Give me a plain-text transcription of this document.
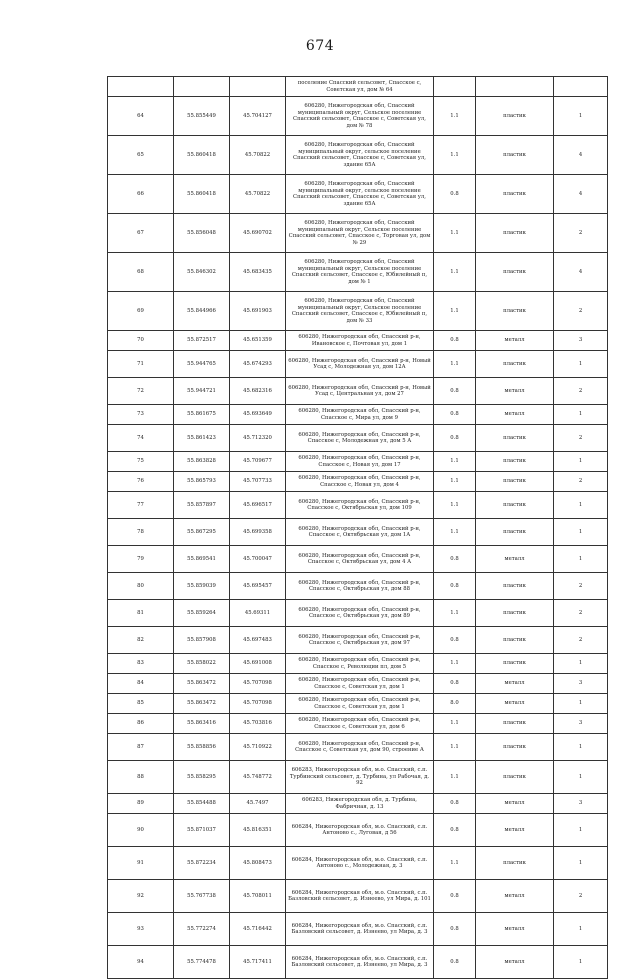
674
			поселение Спасский сельсовет, Спасское с, Советская ул, дом № 64			
64	55.855449	45.704127	606280, Нижегородская обл, Спасский муниципальный округ, Сельское поселение Спасский сельсовет, Спасское с, Советская ул, дом № 78	1.1	пластик	1
65	55.860418	45.70822	606280, Нижегородская обл, Спасский муниципальный округ, сельское поселение Спасский сельсовет, Спасское с, Советская ул, здание 65А	1.1	пластик	4
66	55.860418	45.70822	606280, Нижегородская обл, Спасский муниципальный округ, сельское поселение Спасский сельсовет, Спасское с, Советская ул, здание 65А	0.8	пластик	4
67	55.856048	45.690702	606280, Нижегородская обл, Спасский муниципальный округ, Сельское поселение Спасский сельсовет, Спасское с, Торговая ул, дом № 29	1.1	пластик	2
68	55.846302	45.683435	606280, Нижегородская обл, Спасский муниципальный округ, Сельское поселение Спасский сельсовет, Спасское с, Юбилейный п, дом № 1	1.1	пластик	4
69	55.844966	45.691903	606280, Нижегородская обл, Спасский муниципальный округ, Сельское поселение Спасский сельсовет, Спасское с, Юбилейный п, дом № 33	1.1	пластик	2
70	55.872517	45.651359	606280, Нижегородская обл, Спасский р-н, Ивановское с, Почтовая ул, дом 1	0.8	металл	3
71	55.944765	45.674293	606280, Нижегородская обл, Спасский р-н, Новый Усад с, Молодежная ул, дом 12А	1.1	пластик	1
72	55.944721	45.682316	606280, Нижегородская обл, Спасский р-н, Новый Усад с, Центральная ул, дом 27	0.8	металл	2
73	55.861675	45.693649	606280, Нижегородская обл, Спасский р-н, Спасское с, Мира ул, дом 9	0.8	металл	1
74	55.861423	45.712320	606280, Нижегородская обл, Спасский р-н, Спасское с, Молодежная ул, дом 5 А	0.8	пластик	2
75	55.863828	45.709677	606280, Нижегородская обл, Спасский р-н, Спасское с, Новая ул, дом 17	1.1	пластик	1
76	55.865793	45.707733	606280, Нижегородская обл, Спасский р-н, Спасское с, Новая ул, дом 4	1.1	пластик	2
77	55.857897	45.696517	606280, Нижегородская обл, Спасский р-н, Спасское с, Октябрьская ул, дом 109	1.1	пластик	1
78	55.867295	45.699358	606280, Нижегородская обл, Спасский р-н, Спасское с, Октябрьская ул, дом 1А	1.1	пластик	1
79	55.869541	45.700047	606280, Нижегородская обл, Спасский р-н, Спасское с, Октябрьская ул, дом 4 А	0.8	металл	1
80	55.859039	45.695457	606280, Нижегородская обл, Спасский р-н, Спасское с, Октябрьская ул, дом 88	0.8	пластик	2
81	55.859264	45.69311	606280, Нижегородская обл, Спасский р-н, Спасское с, Октябрьская ул, дом 89	1.1	пластик	2
82	55.857908	45.697483	606280, Нижегородская обл, Спасский р-н, Спасское с, Октябрьская ул, дом 97	0.8	пластик	2
83	55.858022	45.691008	606280, Нижегородская обл, Спасский р-н, Спасское с, Революции пл, дом 5	1.1	пластик	1
84	55.863472	45.707098	606280, Нижегородская обл, Спасский р-н, Спасское с, Советская ул, дом 1	0.8	металл	3
85	55.863472	45.707098	606280, Нижегородская обл, Спасский р-н, Спасское с, Советская ул, дом 1	8.0	металл	1
86	55.863416	45.703816	606280, Нижегородская обл, Спасский р-н, Спасское с, Советская ул, дом 6	1.1	пластик	3
87	55.858856	45.710922	606280, Нижегородская обл, Спасский р-н, Спасское с, Советская ул, дом 90, строение А	1.1	пластик	1
88	55.858295	45.748772	606283, Нижегородская обл, м.о. Спасский, с.п. Турбинский сельсовет, д. Турбина, ул Рабочая, д. 92	1.1	пластик	1
89	55.854488	45.7497	606283, Нижегородская обл, д. Турбина, Фабричная, д. 13	0.8	металл	3
90	55.871037	45.816351	606284, Нижегородская обл, м.о. Спасский, с.п. Антоново с., Луговая, д 56	0.8	металл	1
91	55.872234	45.808473	606284, Нижегородская обл, м.о. Спасский, с.п. Антоново с., Молодежная, д. 3	1.1	пластик	1
92	55.767738	45.708011	606284, Нижегородская обл, м.о. Спасский, с.п. Базловский сельсовет, д. Изнеево, ул Мира, д. 101	0.8	металл	2
93	55.772274	45.716442	606284, Нижегородская обл, м.о. Спасский, с.п. Базловский сельсовет, д. Изнеево, ул Мира, д. 3	0.8	металл	1
94	55.774478	45.717411	606284, Нижегородская обл, м.о. Спасский, с.п. Базловский сельсовет, д. Изнеево, ул Мира, д. 3	0.8	металл	1
